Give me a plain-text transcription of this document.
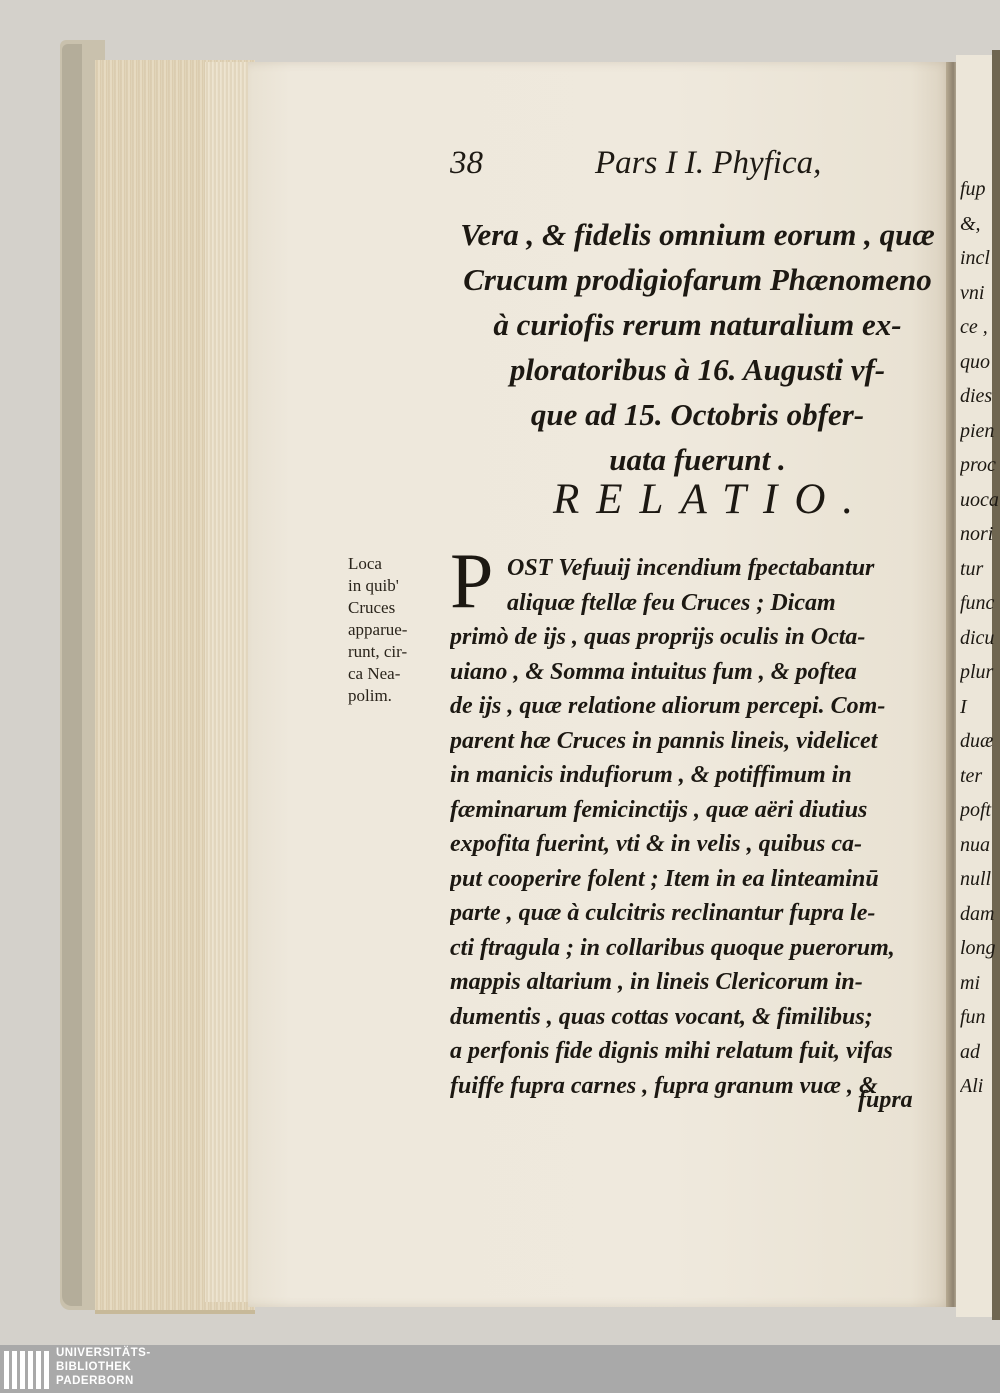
38	Pars I I. Phyfica,
Vera , & fidelis omnium eorum , quæ
Crucum prodigiofarum Phænomeno
à curiofis rerum naturalium ex-
ploratoribus à 16. Augusti vf-
que ad 15. Octobris obfer-
uata fuerunt .
RELATIO.
Loca
in quib'
Cruces
apparue-
runt, cir-
ca Nea-
polim.
P OST Vefuuij incendium fpectabantur
aliquæ ftellæ feu Cruces ; Dicam
primò de ijs , quas proprijs oculis in Octa-
uiano , & Somma intuitus fum , & poftea
de ijs , quæ relatione aliorum percepi. Com-
parent hæ Cruces in pannis lineis, videlicet
in manicis indufiorum , & potiffimum in
fæminarum femicinctijs , quæ aëri diutius
expofita fuerint, vti & in velis , quibus ca-
put cooperire folent ; Item in ea linteaminū
parte , quæ à culcitris reclinantur fupra le-
cti ftragula ; in collaribus quoque puerorum,
mappis altarium , in lineis Clericorum in-
dumentis , quas cottas vocant, & fimilibus;
a perfonis fide dignis mihi relatum fuit, vifas
fuiffe fupra carnes , fupra granum vuæ , &
fupra
fup
&,
incl
vni
ce ,
quo
dies
pien
proc
uoca
nori
tur
func
dicu
plur
I
duæ
ter
poft
nua
null
dam
long
mi
fun
ad
Ali
UNIVERSITÄTS-
BIBLIOTHEK
PADERBORN
